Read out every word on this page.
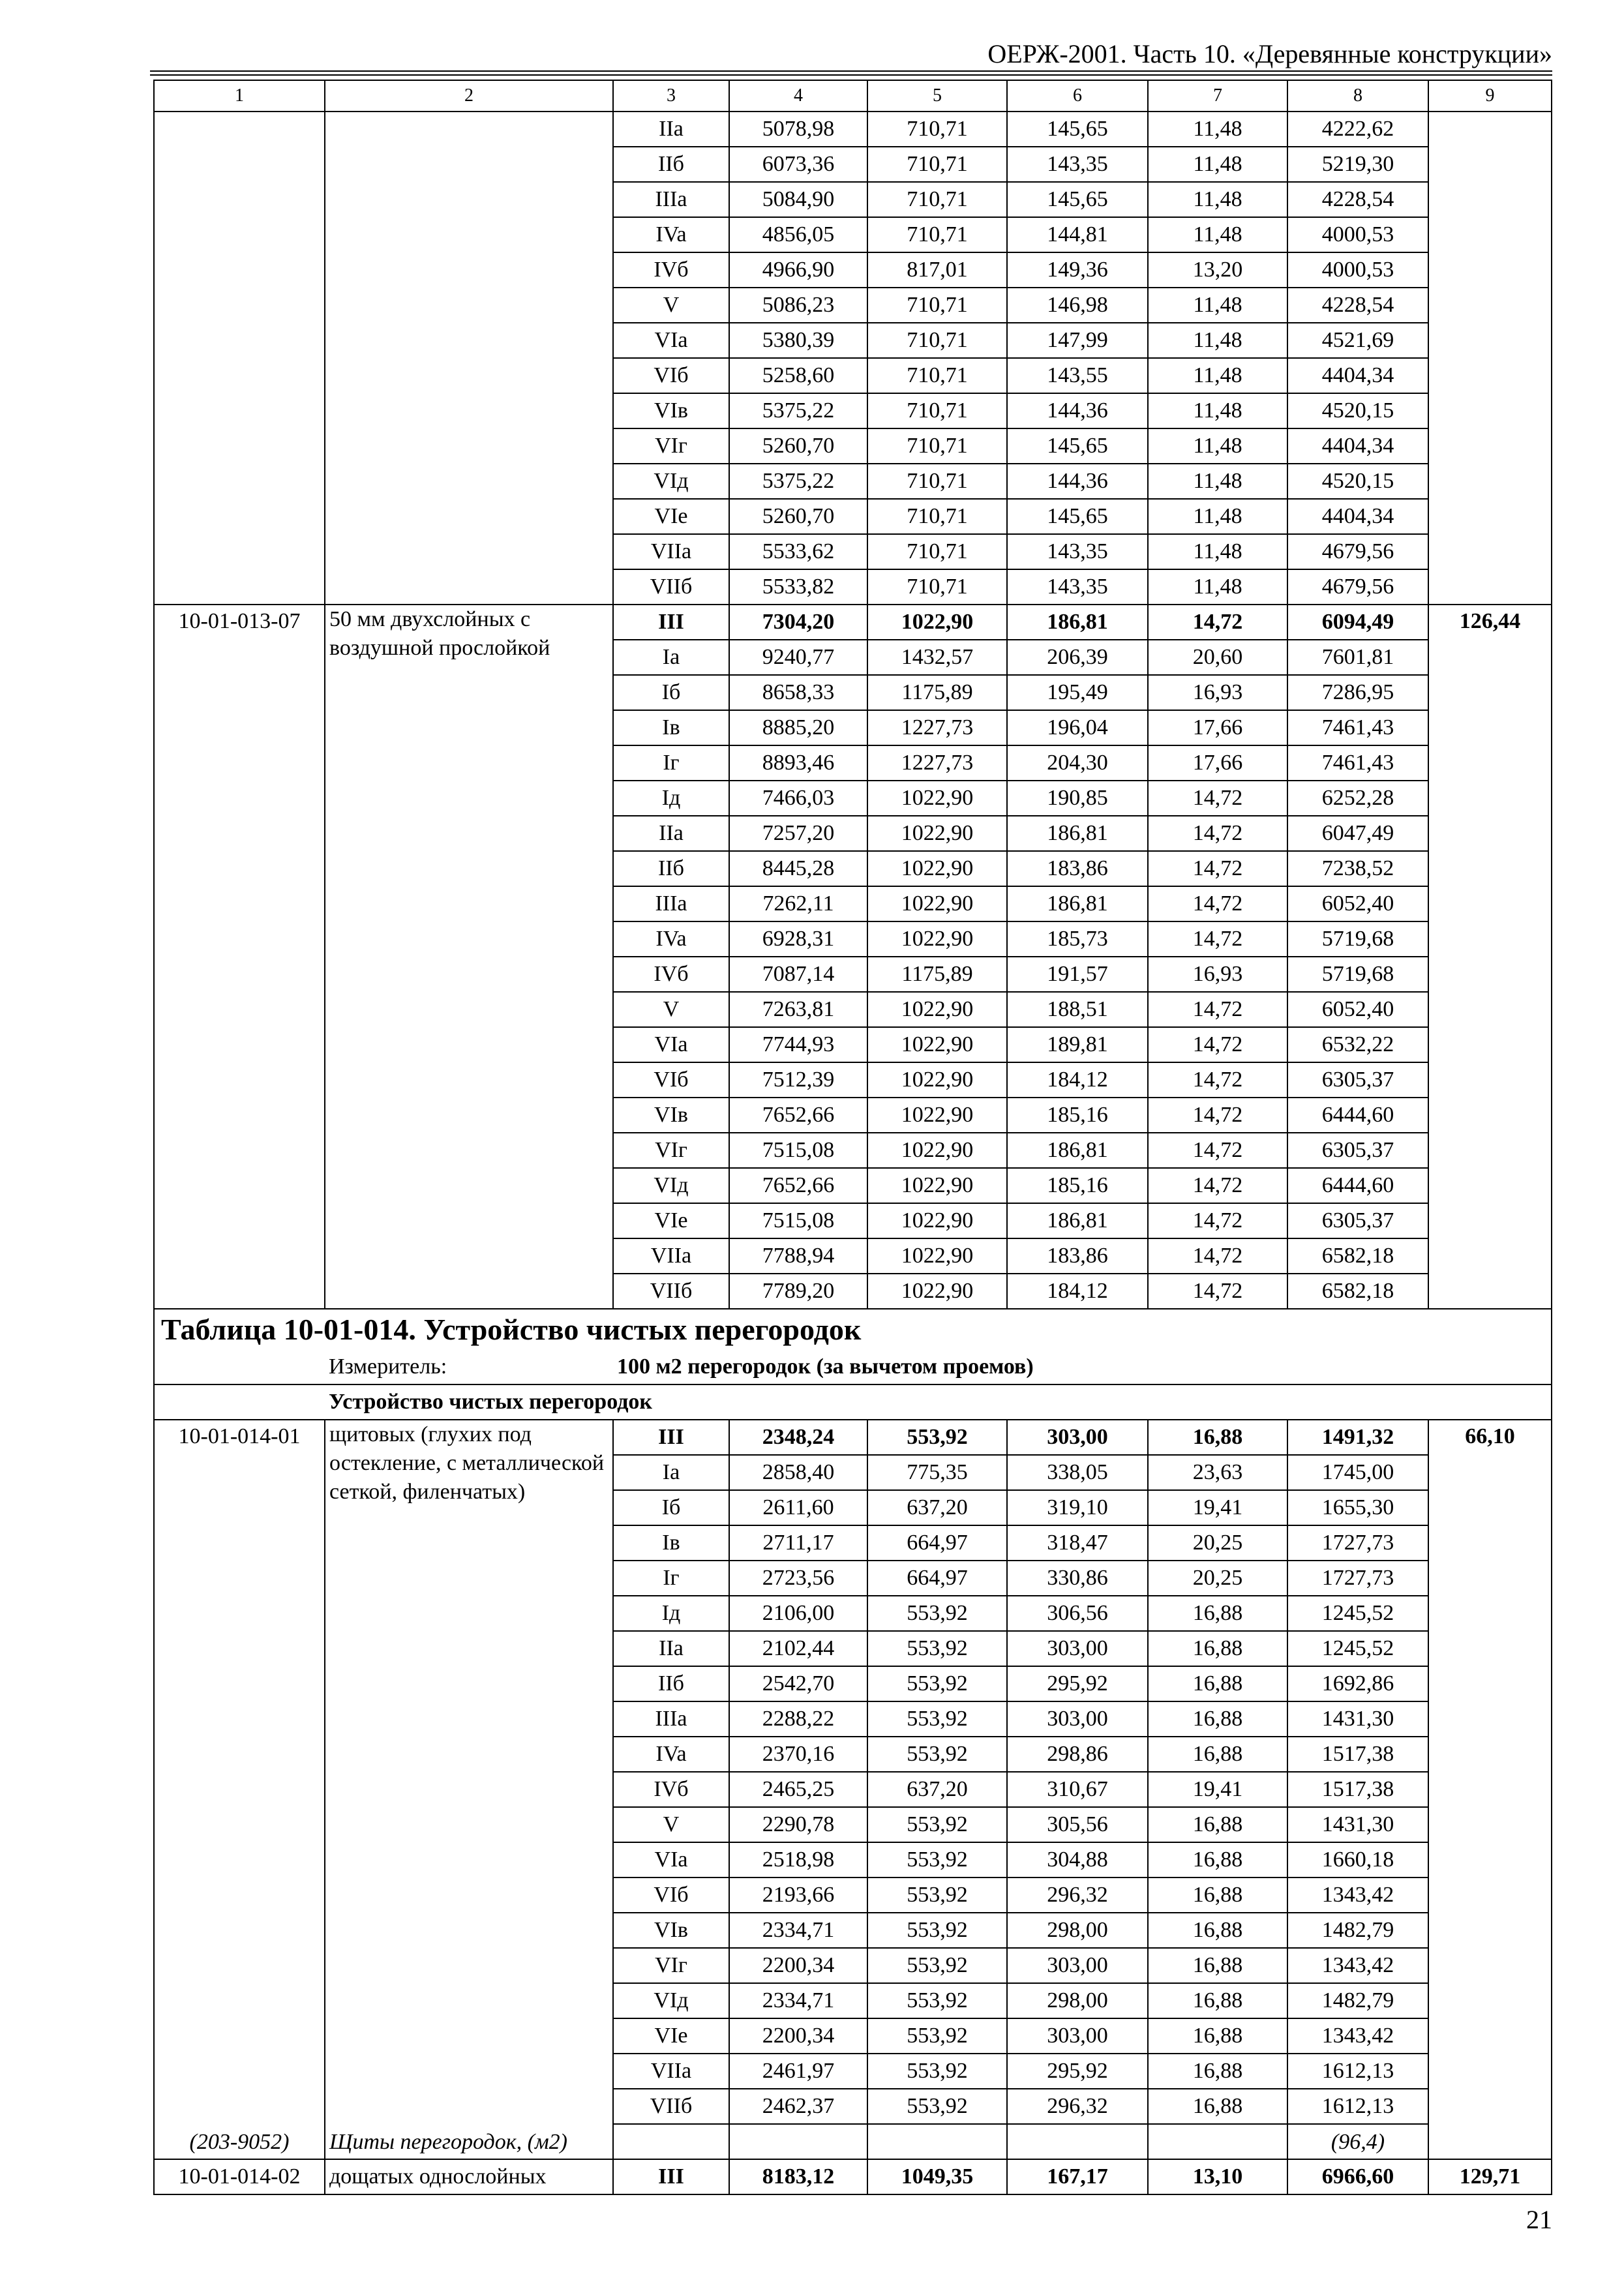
ОЕРЖ-2001. Часть 10. «Деревянные конструкции»
1	2	3	4	5	6	7	8	9
		IIa	5078,98	710,71	145,65	11,48	4222,62	
		IIб	6073,36	710,71	143,35	11,48	5219,30	
		IIIa	5084,90	710,71	145,65	11,48	4228,54	
		IVa	4856,05	710,71	144,81	11,48	4000,53	
		IVб	4966,90	817,01	149,36	13,20	4000,53	
		V	5086,23	710,71	146,98	11,48	4228,54	
		VIa	5380,39	710,71	147,99	11,48	4521,69	
		VIб	5258,60	710,71	143,55	11,48	4404,34	
		VIв	5375,22	710,71	144,36	11,48	4520,15	
		VIг	5260,70	710,71	145,65	11,48	4404,34	
		VIд	5375,22	710,71	144,36	11,48	4520,15	
		VIe	5260,70	710,71	145,65	11,48	4404,34	
		VIIa	5533,62	710,71	143,35	11,48	4679,56	
		VIIб	5533,82	710,71	143,35	11,48	4679,56	
10-01-013-07	50 мм двухслойных с воздушной прослойкой	III	7304,20	1022,90	186,81	14,72	6094,49	126,44
		Ia	9240,77	1432,57	206,39	20,60	7601,81	
		Iб	8658,33	1175,89	195,49	16,93	7286,95	
		Iв	8885,20	1227,73	196,04	17,66	7461,43	
		Iг	8893,46	1227,73	204,30	17,66	7461,43	
		Iд	7466,03	1022,90	190,85	14,72	6252,28	
		IIa	7257,20	1022,90	186,81	14,72	6047,49	
		IIб	8445,28	1022,90	183,86	14,72	7238,52	
		IIIa	7262,11	1022,90	186,81	14,72	6052,40	
		IVa	6928,31	1022,90	185,73	14,72	5719,68	
		IVб	7087,14	1175,89	191,57	16,93	5719,68	
		V	7263,81	1022,90	188,51	14,72	6052,40	
		VIa	7744,93	1022,90	189,81	14,72	6532,22	
		VIб	7512,39	1022,90	184,12	14,72	6305,37	
		VIв	7652,66	1022,90	185,16	14,72	6444,60	
		VIг	7515,08	1022,90	186,81	14,72	6305,37	
		VIд	7652,66	1022,90	185,16	14,72	6444,60	
		VIe	7515,08	1022,90	186,81	14,72	6305,37	
		VIIa	7788,94	1022,90	183,86	14,72	6582,18	
		VIIб	7789,20	1022,90	184,12	14,72	6582,18	
Таблица 10-01-014. Устройство чистых перегородок								
	Измеритель:	100 м2 перегородок (за вычетом проемов)						
	Устройство чистых перегородок							
10-01-014-01	щитовых (глухих под остекление, с металлической сеткой, филенчатых)	III	2348,24	553,92	303,00	16,88	1491,32	66,10
		Ia	2858,40	775,35	338,05	23,63	1745,00	
		Iб	2611,60	637,20	319,10	19,41	1655,30	
		Iв	2711,17	664,97	318,47	20,25	1727,73	
		Iг	2723,56	664,97	330,86	20,25	1727,73	
		Iд	2106,00	553,92	306,56	16,88	1245,52	
		IIa	2102,44	553,92	303,00	16,88	1245,52	
		IIб	2542,70	553,92	295,92	16,88	1692,86	
		IIIa	2288,22	553,92	303,00	16,88	1431,30	
		IVa	2370,16	553,92	298,86	16,88	1517,38	
		IVб	2465,25	637,20	310,67	19,41	1517,38	
		V	2290,78	553,92	305,56	16,88	1431,30	
		VIa	2518,98	553,92	304,88	16,88	1660,18	
		VIб	2193,66	553,92	296,32	16,88	1343,42	
		VIв	2334,71	553,92	298,00	16,88	1482,79	
		VIг	2200,34	553,92	303,00	16,88	1343,42	
		VIд	2334,71	553,92	298,00	16,88	1482,79	
		VIe	2200,34	553,92	303,00	16,88	1343,42	
		VIIa	2461,97	553,92	295,92	16,88	1612,13	
		VIIб	2462,37	553,92	296,32	16,88	1612,13	
(203-9052)	Щиты перегородок, (м2)						(96,4)	
10-01-014-02	дощатых однослойных	III	8183,12	1049,35	167,17	13,10	6966,60	129,71
21
